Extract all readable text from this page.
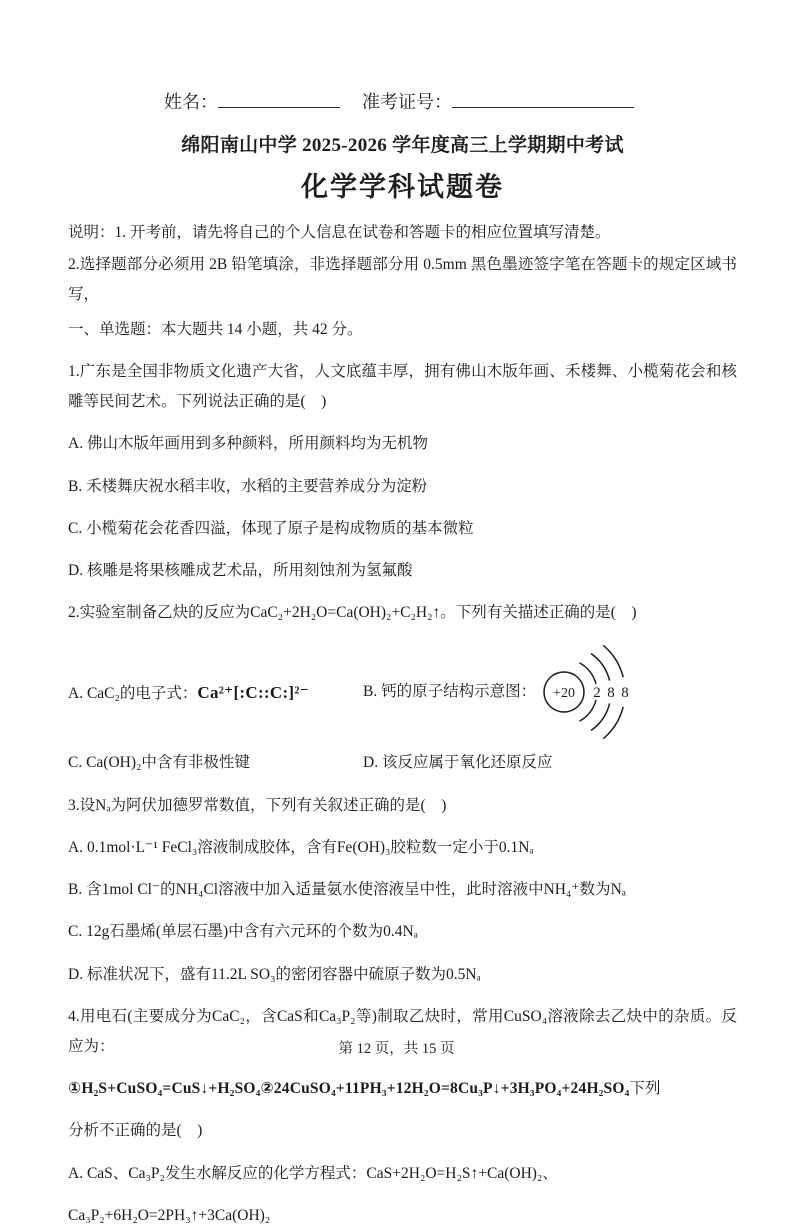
姓名：	准考证号：
绵阳南山中学 2025-2026 学年度高三上学期期中考试
化学学科试题卷

说明：1. 开考前，请先将自己的个人信息在试卷和答题卡的相应位置填写清楚。

2.选择题部分必须用 2B 铅笔填涂，非选择题部分用 0.5mm 黑色墨迹签字笔在答题卡的规定区域书写，

一、单选题：本大题共 14 小题，共 42 分。

1.广东是全国非物质文化遗产大省，人文底蕴丰厚，拥有佛山木版年画、禾楼舞、小榄菊花会和核雕等民间艺术。下列说法正确的是(　)

A. 佛山木版年画用到多种颜料，所用颜料均为无机物

B. 禾楼舞庆祝水稻丰收，水稻的主要营养成分为淀粉

C. 小榄菊花会花香四溢，体现了原子是构成物质的基本微粒

D. 核雕是将果核雕成艺术品，所用刻蚀剂为氢氟酸

2.实验室制备乙炔的反应为CaC₂+2H₂O=Ca(OH)₂+C₂H₂↑。下列有关描述正确的是(　)

A. CaC₂的电子式：Ca²⁺[:C::C:]²⁻	B. 钙的原子结构示意图： +20 2 8 8
C. Ca(OH)₂中含有非极性键	D. 该反应属于氧化还原反应

3.设Nₐ为阿伏加德罗常数值，下列有关叙述正确的是(　)

A. 0.1mol·L⁻¹ FeCl₃溶液制成胶体，含有Fe(OH)₃胶粒数一定小于0.1Nₐ

B. 含1mol Cl⁻的NH₄Cl溶液中加入适量氨水使溶液呈中性，此时溶液中NH₄⁺数为Nₐ

C. 12g石墨烯(单层石墨)中含有六元环的个数为0.4Nₐ

D. 标准状况下，盛有11.2L SO₃的密闭容器中硫原子数为0.5Nₐ

4.用电石(主要成分为CaC₂，含CaS和Ca₃P₂等)制取乙炔时，常用CuSO₄溶液除去乙炔中的杂质。反应为：

①H₂S+CuSO₄=CuS↓+H₂SO₄②24CuSO₄+11PH₃+12H₂O=8Cu₃P↓+3H₃PO₄+24H₂SO₄下列

分析不正确的是(　)

A. CaS、Ca₃P₂发生水解反应的化学方程式：CaS+2H₂O=H₂S↑+Ca(OH)₂、

Ca₃P₂+6H₂O=2PH₃↑+3Ca(OH)₂

第 12 页，共 15 页
